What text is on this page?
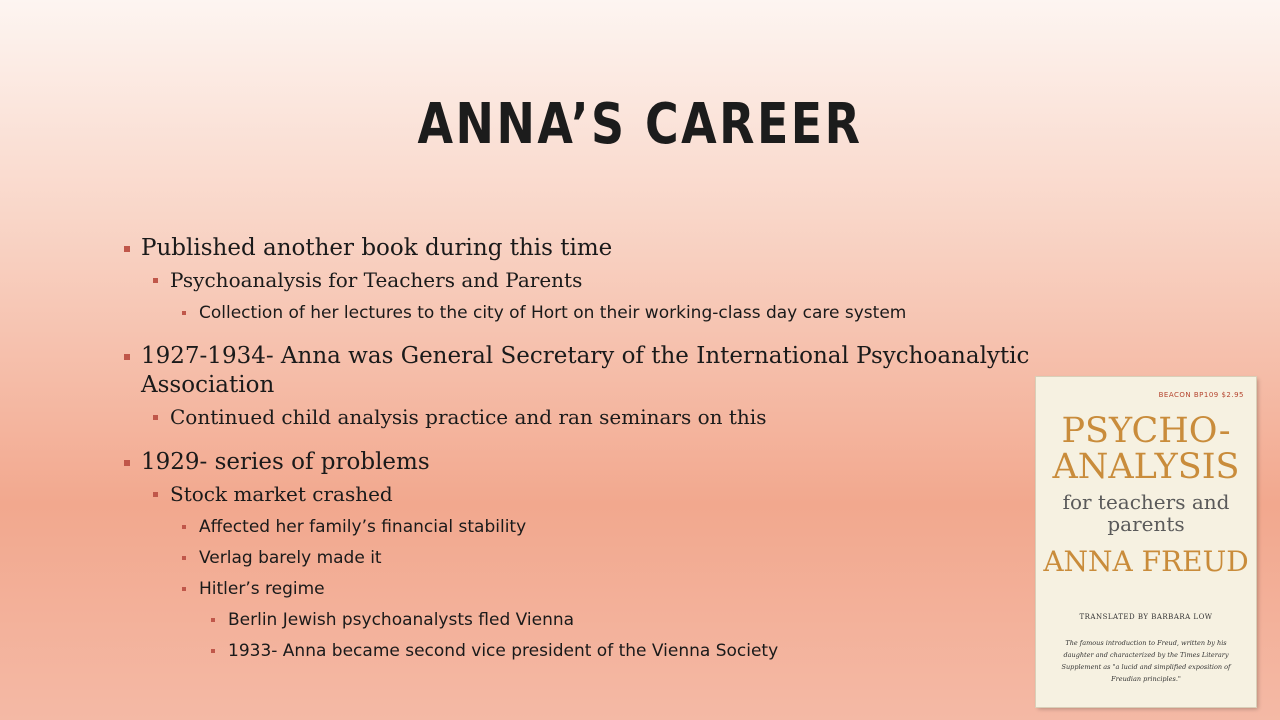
ANNA’S CAREER
Published another book during this time
Psychoanalysis for Teachers and Parents
Collection of her lectures to the city of Hort on their working-class day care system
1927-1934- Anna was General Secretary of the International Psychoanalytic Association
Continued child analysis practice and ran seminars on this
1929- series of problems
Stock market crashed
Affected her family’s financial stability
Verlag barely made it
Hitler’s regime
Berlin Jewish psychoanalysts fled Vienna
1933- Anna became second vice president of the Vienna Society
BEACON BP109 $2.95
PSYCHO-ANALYSIS
for teachers and parents
ANNA FREUD
TRANSLATED BY BARBARA LOW
The famous introduction to Freud, written by his daughter and characterized by the Times Literary Supplement as "a lucid and simplified exposition of Freudian principles."
